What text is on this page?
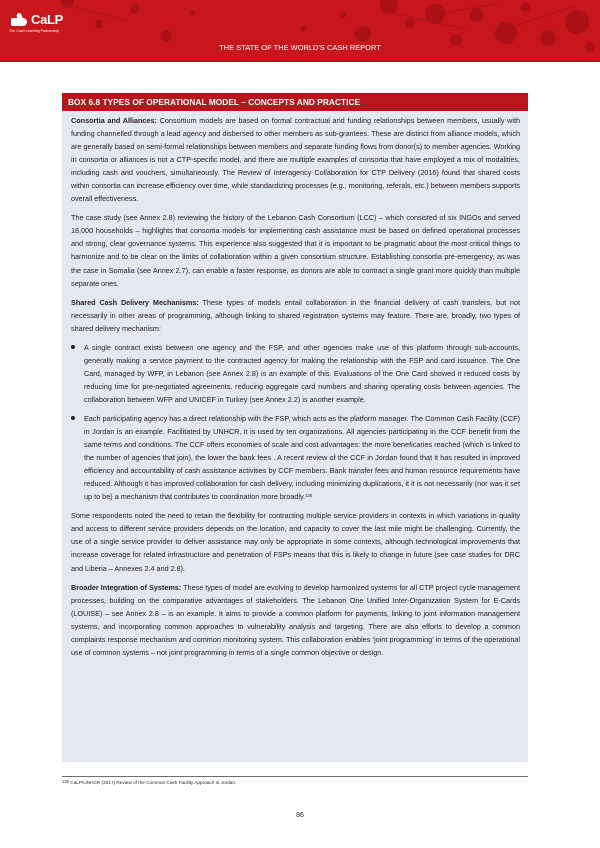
CaLP
The Cash Learning Partnership
THE STATE OF THE WORLD'S CASH REPORT
BOX 6.8 TYPES OF OPERATIONAL MODEL – CONCEPTS AND PRACTICE

Consortia and Alliances: Consortium models are based on formal contractual and funding relationships between members, usually with funding channelled through a lead agency and disbersed to other members as sub-grantees. These are distinct from alliance models, which are generally based on semi-formal relationships between members and separate funding flows from donor(s) to member agencies. Working in consortia or alliances is not a CTP-specific model, and there are multiple examples of consortia that have employed a mix of modalities, including cash and vouchers, simultaneously. The Review of Interagency Collaboration for CTP Delivery (2016) found that shared costs within consortia can increase efficiency over time, while standardizing processes (e.g., monitoring, referals, etc.) between members supports overall effectiveness.

The case study (see Annex 2.8) reviewing the history of the Lebanon Cash Consortium (LCC) – which consisted of six INGOs and served 18,000 households – highlights that consortia models for implementing cash assistance must be based on defined operational processes and strong, clear governance systems. This experience also suggested that it is important to be pragmatic about the most critical things to harmonize and to be clear on the limits of collaboration within a given consortium structure. Establishing consortia pre-emergency, as was the case in Somalia (see Annex 2.7), can enable a faster response, as donors are able to contract a single grant more quickly than multiple separate ones.

Shared Cash Delivery Mechanisms: These types of models entail collaboration in the financial delivery of cash transfers, but not necessarily in other areas of programming, although linking to shared registration systems may feature. There are, broadly, two types of shared delivery mechanism:

A single contract exists between one agency and the FSP, and other agencies make use of this platform through sub-accounts, generally making a service payment to the contracted agency for making the relationship with the FSP and card issuance. The One Card, managed by WFP, in Lebanon (see Annex 2.8) is an example of this. Evaluations of the One Card showed it reduced costs by reducing time for pre-negotiated agreements, reducing aggregate card numbers and sharing operating costs between agencies. The collaboration between WFP and UNICEF in Turkey (see Annex 2.2) is another example.
Each participating agency has a direct relationship with the FSP, which acts as the platform manager. The Common Cash Facility (CCF) in Jordan is an example. Facilitated by UNHCR, it is used by ten organizations. All agencies participating in the CCF benefit from the same terms and conditions. The CCF offers economies of scale and cost advantages: the more beneficaries reached (which is linked to the number of agencies that join), the lower the bank fees . A recent review of the CCF in Jordan found that it has resulted in improved efficiency and accountability of cash assistance activities by CCF members. Bank transfer fees and human resource requirements have reduced. Although it has improved collaboration for cash delivery, including minimizing duplications, it it is not necessarily (nor was it set up to be) a mechanism that contributes to coordination more broadly.$^{135}$

Some respondents noted the need to retain the flexibility for contracting multiple service providers in contexts in which variations in quality and access to different service providers depends on the location, and capacity to cover the last mile might be challenging. Currently, the use of a single service provider to deliver assistance may only be appropriate in some contexts, although technological improvements that increase coverage for related infrastructure and penetration of FSPs means that this is likely to change in future (see case studies for DRC and Liberia – Annexes 2.4 and 2.8).

Broader Integration of Systems: These types of model are evolving to develop harmonized systems for all CTP project cycle management processes, building on the comparative advantages of stakeholders. The Lebanon One Unified Inter-Organization System for E-Cards (LOUISE) – see Annex 2.8 – is an example. It aims to provide a common platform for payments, linking to joint information management systems, and incorporating common approaches to vulnerability analysis and targeting. There are also efforts to develop a common complaints response mechanism and common monitoring system. This collaboration enables ‘joint programming’ in terms of the operational use of common systems – not joint programming in terms of a single common objective or design.

$^{135}$ CaLP/UNHCR (2017) Review of the Common Cash Facility Approach in Jordan.
86
